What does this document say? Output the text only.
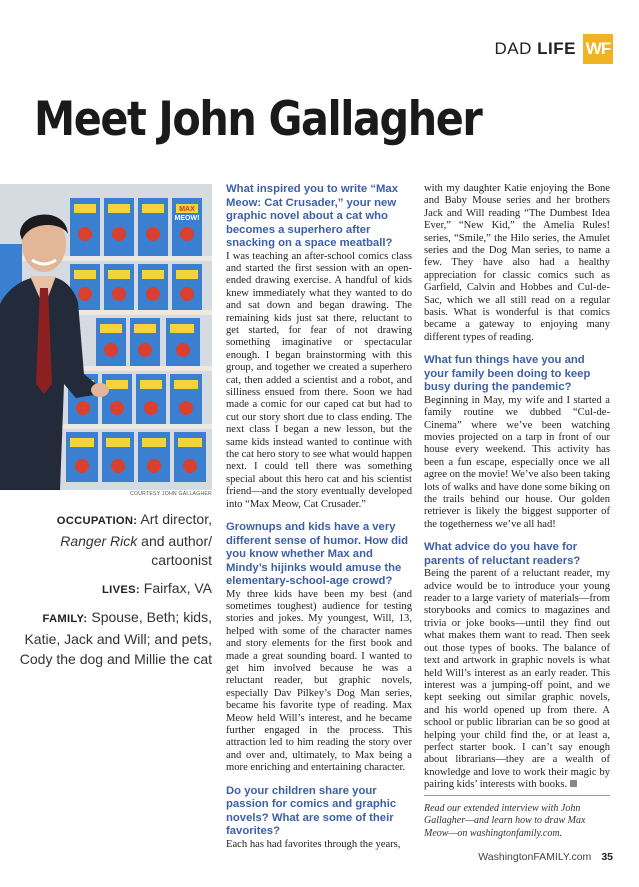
DAD LIFE WF
Meet John Gallagher
MAX
MEOW!
COURTESY JOHN GALLAGHER

OCCUPATION: Art director, Ranger Rick and author/ cartoonist

LIVES: Fairfax, VA

FAMILY: Spouse, Beth; kids, Katie, Jack and Will; and pets, Cody the dog and Millie the cat

What inspired you to write “Max Meow: Cat Crusader,” your new graphic novel about a cat who becomes a superhero after snacking on a space meatball?

I was teaching an after-school comics class and started the first session with an open-ended drawing exercise. A handful of kids knew immediately what they wanted to do and sat down and began drawing. The remaining kids just sat there, reluctant to get started, for fear of not drawing something imaginative or spectacular enough. I began brainstorming with this group, and together we created a superhero cat, then added a scientist and a robot, and silliness ensued from there. Soon we had made a comic for our caped cat but had to cut our story short due to class ending. The next class I began a new lesson, but the same kids instead wanted to continue with the cat hero story to see what would happen next. I could tell there was something special about this hero cat and his scientist friend—and the story eventually developed into “Max Meow, Cat Crusader.”

Grownups and kids have a very different sense of humor. How did you know whether Max and Mindy’s hijinks would amuse the elementary-school-age crowd?

My three kids have been my best (and sometimes toughest) audience for testing stories and jokes. My youngest, Will, 13, helped with some of the character names and story elements for the first book and made a great sounding board. I wanted to get him involved because he was a reluctant reader, but graphic novels, especially Dav Pilkey’s Dog Man series, became his favorite type of reading. Max Meow held Will’s interest, and he became further engaged in the process. This attraction led to him reading the story over and over and, ultimately, to Max being a more enriching and entertaining character.

Do your children share your passion for comics and graphic novels? What are some of their favorites?

Each has had favorites through the years,

with my daughter Katie enjoying the Bone and Baby Mouse series and her brothers Jack and Will reading “The Dumbest Idea Ever,” “New Kid,” the Amelia Rules! series, “Smile,” the Hilo series, the Amulet series and the Dog Man series, to name a few. They have also had a healthy appreciation for classic comics such as Garfield, Calvin and Hobbes and Cul-de-Sac, which we all still read on a regular basis. What is wonderful is that comics became a gateway to enjoying many different types of reading.

What fun things have you and your family been doing to keep busy during the pandemic?

Beginning in May, my wife and I started a family routine we dubbed “Cul-de-Cinema” where we’ve been watching movies projected on a tarp in front of our house every weekend. This activity has been a fun escape, especially once we all agree on the movie! We’ve also been taking lots of walks and have done some biking on the trails behind our house. Our golden retriever is likely the biggest supporter of the togetherness we’ve all had!

What advice do you have for parents of reluctant readers?

Being the parent of a reluctant reader, my advice would be to introduce your young reader to a large variety of materials—from storybooks and comics to magazines and trivia or joke books—until they find out what makes them want to read. Then seek out those types of books. The balance of text and artwork in graphic novels is what held Will’s interest as an early reader. This interest was a jumping-off point, and we kept seeking out similar graphic novels, and his world opened up from there. A school or public librarian can be so good at helping your child find the, or at least a, perfect starter book. I can’t say enough about librarians—they are a wealth of knowledge and love to work their magic by pairing kids’ interests with books.

Read our extended interview with John Gallagher—and learn how to draw Max Meow—on washingtonfamily.com.
WashingtonFAMILY.com 35
